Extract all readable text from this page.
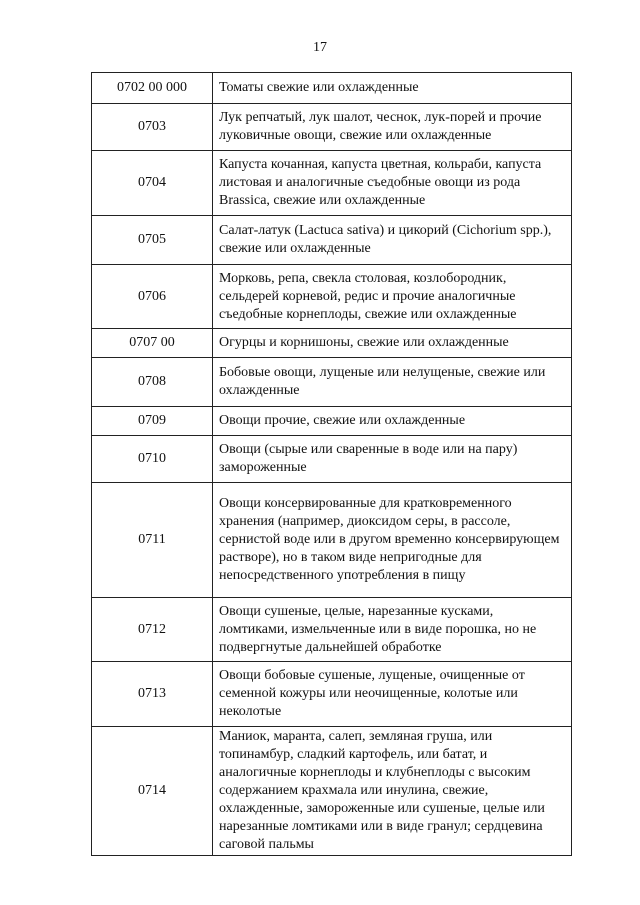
17
0702 00 000	Томаты свежие или охлажденные
0703	Лук репчатый, лук шалот, чеснок, лук-порей и прочие луковичные овощи, свежие или охлажденные
0704	Капуста кочанная, капуста цветная, кольраби, капуста листовая и аналогичные съедобные овощи из рода Brassica, свежие или охлажденные
0705	Салат-латук (Lactuca sativa) и цикорий (Cichorium spp.), свежие или охлажденные
0706	Морковь, репа, свекла столовая, козлобородник, сельдерей корневой, редис и прочие аналогичные съедобные корнеплоды, свежие или охлажденные
0707 00	Огурцы и корнишоны, свежие или охлажденные
0708	Бобовые овощи, лущеные или нелущеные, свежие или охлажденные
0709	Овощи прочие, свежие или охлажденные
0710	Овощи (сырые или сваренные в воде или на пару) замороженные
0711	Овощи консервированные для кратковременного хранения (например, диоксидом серы, в рассоле, сернистой воде или в другом временно консервирующем растворе), но в таком виде непригодные для непосредственного употребления в пищу
0712	Овощи сушеные, целые, нарезанные кусками, ломтиками, измельченные или в виде порошка, но не подвергнутые дальнейшей обработке
0713	Овощи бобовые сушеные, лущеные, очищенные от семенной кожуры или неочищенные, колотые или неколотые
0714	Маниок, маранта, салеп, земляная груша, или топинамбур, сладкий картофель, или батат, и аналогичные корнеплоды и клубнеплоды с высоким содержанием крахмала или инулина, свежие, охлажденные, замороженные или сушеные, целые или нарезанные ломтиками или в виде гранул; сердцевина саговой пальмы
